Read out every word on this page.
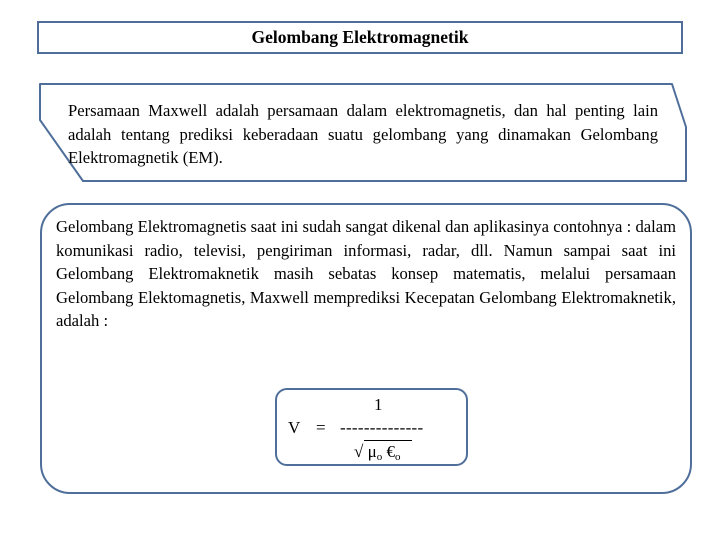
Gelombang Elektromagnetik
Persamaan Maxwell adalah persamaan dalam elektromagnetis, dan hal penting lain adalah tentang prediksi keberadaan suatu gelombang yang dinamakan Gelombang Elektromagnetik (EM).
Gelombang Elektromagnetis saat ini sudah sangat dikenal dan aplikasinya contohnya : dalam komunikasi radio, televisi, pengiriman informasi, radar, dll. Namun sampai saat ini Gelombang Elektromaknetik masih sebatas konsep matematis, melalui persamaan Gelombang Elektomagnetis, Maxwell memprediksi Kecepatan Gelombang Elektromaknetik, adalah :
1
V = --------------
√ $\mu_o$ $€_o$
